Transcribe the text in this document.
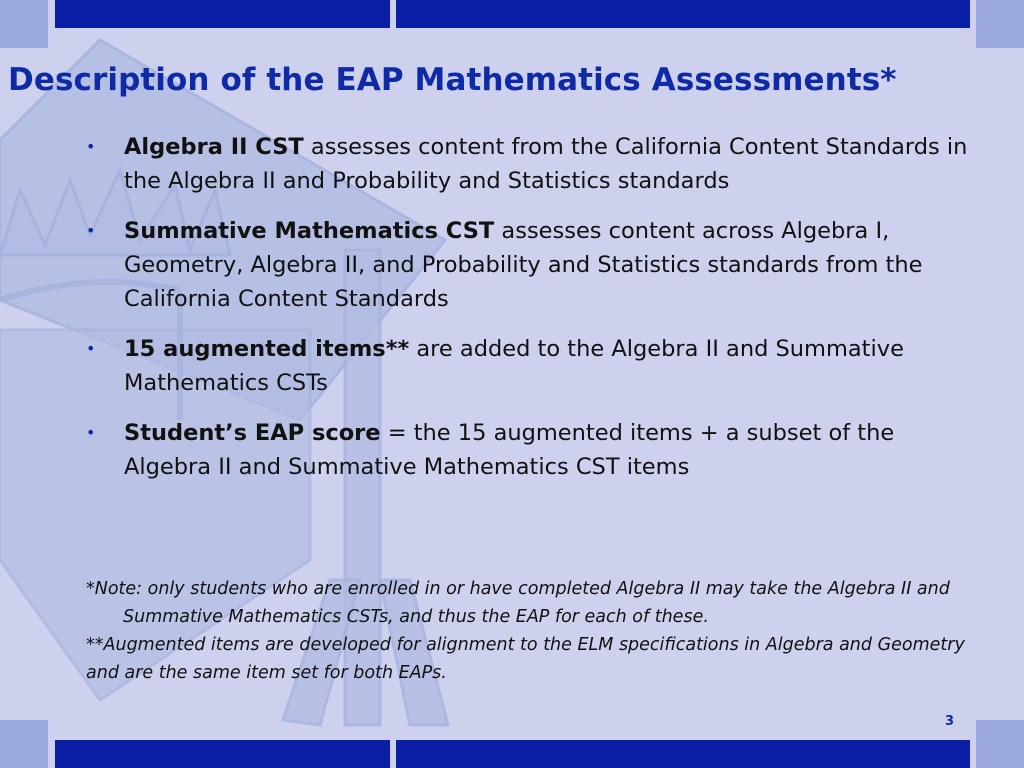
Description of the EAP Mathematics Assessments*
• Algebra II CST assesses content from the California Content Standards in the Algebra II and Probability and Statistics standards
• Summative Mathematics CST assesses content across Algebra I, Geometry, Algebra II, and Probability and Statistics standards from the California Content Standards
• 15 augmented items** are added to the Algebra II and Summative Mathematics CSTs
• Student’s EAP score = the 15 augmented items + a subset of the Algebra II and Summative Mathematics CST items

*Note: only students who are enrolled in or have completed Algebra II may take the Algebra II and Summative Mathematics CSTs, and thus the EAP for each of these.

**Augmented items are developed for alignment to the ELM specifications in Algebra and Geometry and are the same item set for both EAPs.

3
